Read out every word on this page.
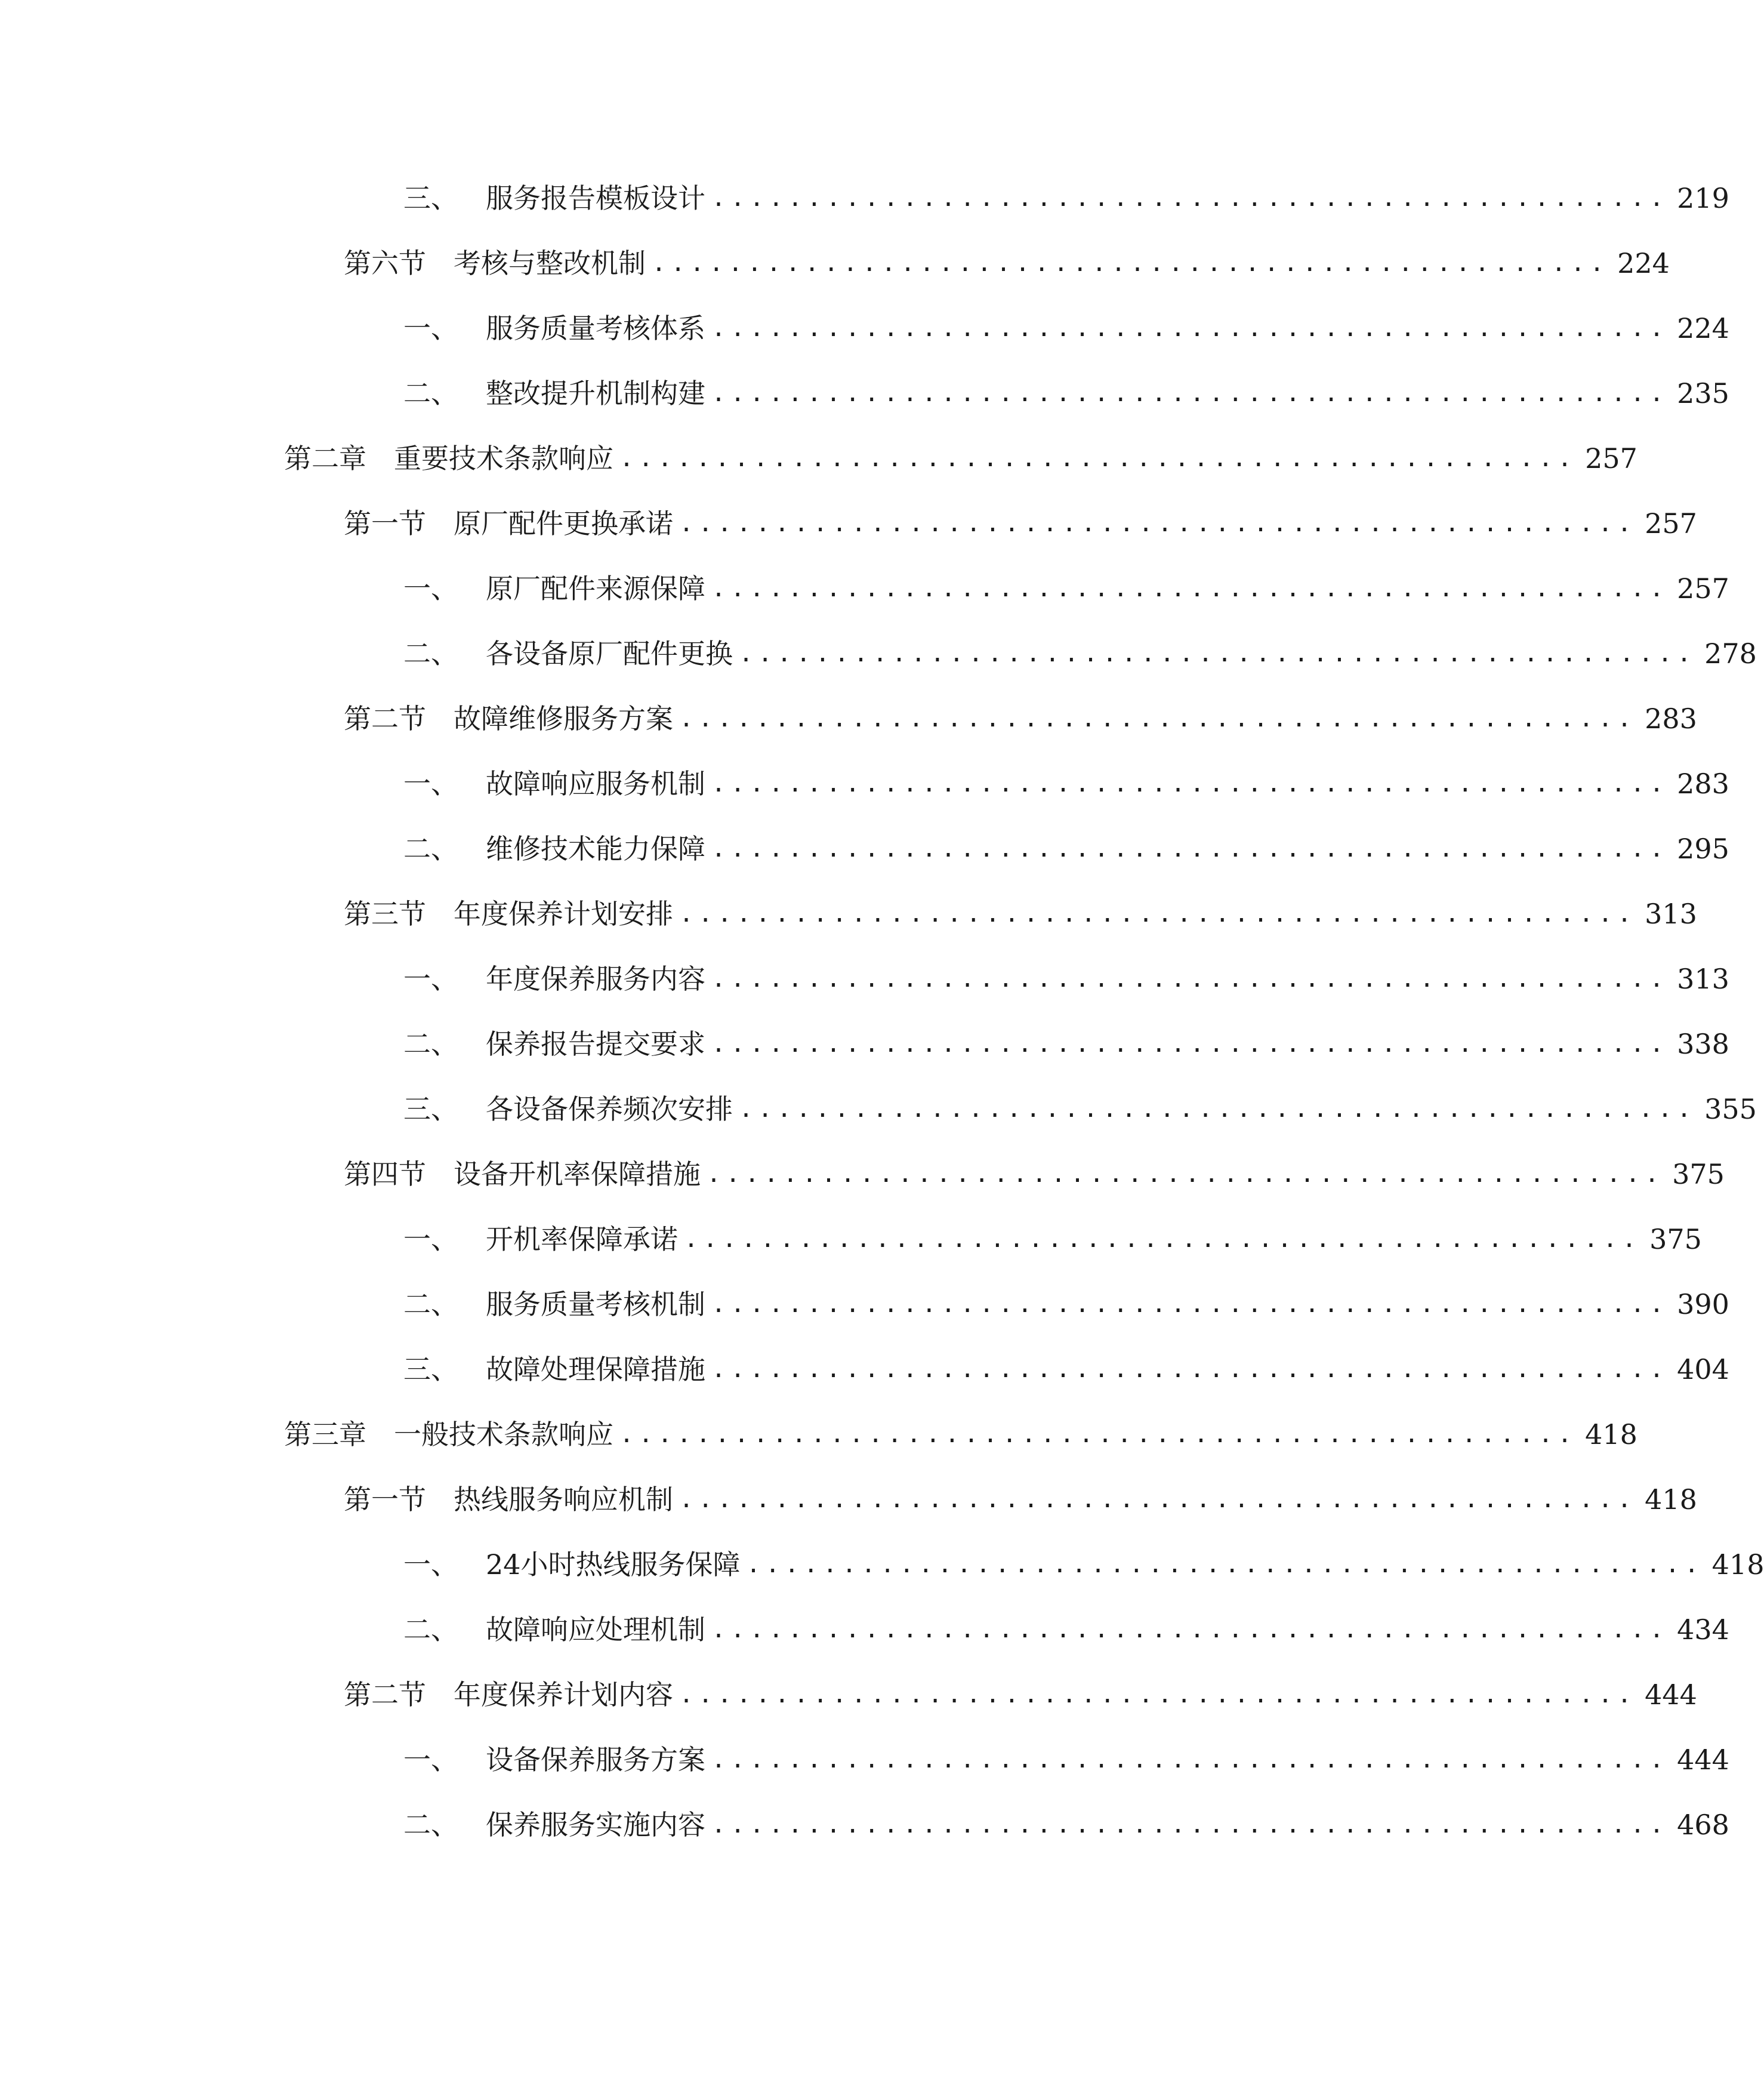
三、 服务报告模板设计 .................................................. 219
第六节 考核与整改机制 .................................................. 224
一、 服务质量考核体系 .................................................. 224
二、 整改提升机制构建 .................................................. 235
第二章 重要技术条款响应 .................................................. 257
第一节 原厂配件更换承诺 .................................................. 257
一、 原厂配件来源保障 .................................................. 257
二、 各设备原厂配件更换 .................................................. 278
第二节 故障维修服务方案 .................................................. 283
一、 故障响应服务机制 .................................................. 283
二、 维修技术能力保障 .................................................. 295
第三节 年度保养计划安排 .................................................. 313
一、 年度保养服务内容 .................................................. 313
二、 保养报告提交要求 .................................................. 338
三、 各设备保养频次安排 .................................................. 355
第四节 设备开机率保障措施 .................................................. 375
一、 开机率保障承诺 .................................................. 375
二、 服务质量考核机制 .................................................. 390
三、 故障处理保障措施 .................................................. 404
第三章 一般技术条款响应 .................................................. 418
第一节 热线服务响应机制 .................................................. 418
一、 24小时热线服务保障 .................................................. 418
二、 故障响应处理机制 .................................................. 434
第二节 年度保养计划内容 .................................................. 444
一、 设备保养服务方案 .................................................. 444
二、 保养服务实施内容 .................................................. 468
